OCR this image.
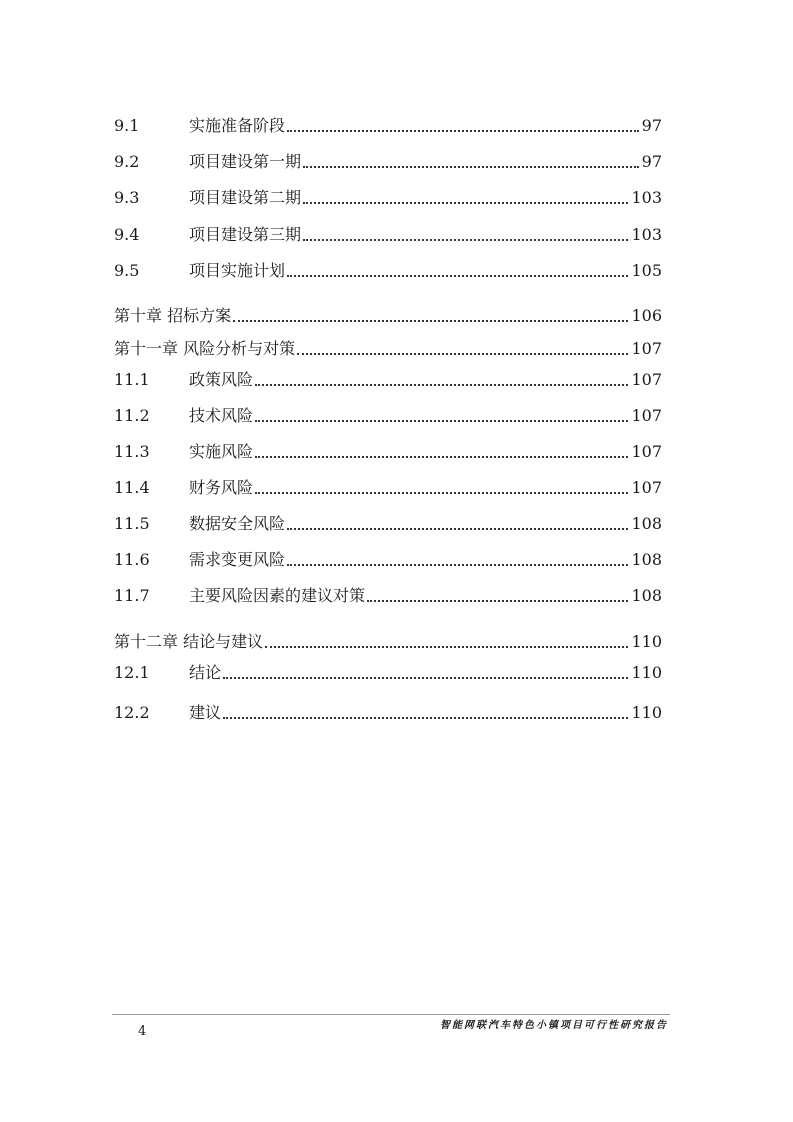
9.1	实施准备阶段	97
9.2	项目建设第一期	97
9.3	项目建设第二期	103
9.4	项目建设第三期	103
9.5	项目实施计划	105
第十章 招标方案	106
第十一章 风险分析与对策	107
11.1	政策风险	107
11.2	技术风险	107
11.3	实施风险	107
11.4	财务风险	107
11.5	数据安全风险	108
11.6	需求变更风险	108
11.7	主要风险因素的建议对策	108
第十二章 结论与建议	110
12.1	结论	110
12.2	建议	110
4	智能网联汽车特色小镇项目可行性研究报告
